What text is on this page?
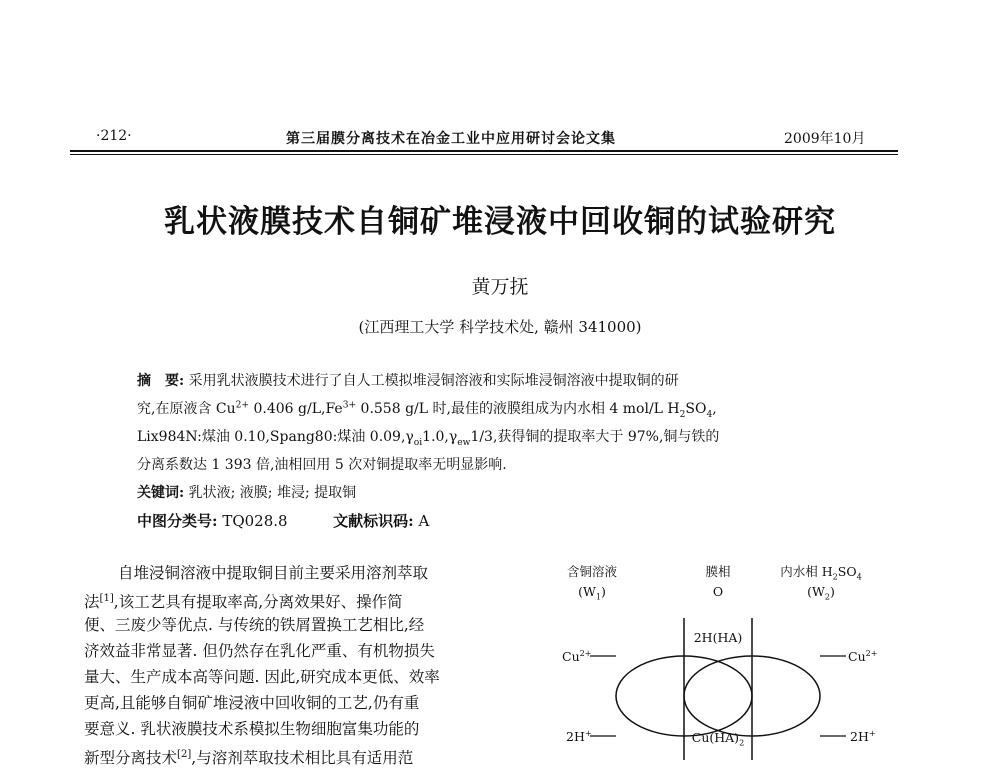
·212·	第三届膜分离技术在冶金工业中应用研讨会论文集	2009年10月
乳状液膜技术自铜矿堆浸液中回收铜的试验研究
黄万抚
(江西理工大学 科学技术处, 赣州 341000)
摘　要: 采用乳状液膜技术进行了自人工模拟堆浸铜溶液和实际堆浸铜溶液中提取铜的研
究,在原液含 $Cu^{2+}$ 0.406 $g/L,Fe^{3+}$ 0.558 g/L 时,最佳的液膜组成为内水相 4 mol/L $H_2SO_4$,
Lix984N:煤油 0.10,Spang80:煤油 $0.09,\gamma_{oi}1.0,\gamma_{ew}1/3$,获得铜的提取率大于 97%,铜与铁的
分离系数达 1 393 倍,油相回用 5 次对铜提取率无明显影响.
关键词: 乳状液; 液膜; 堆浸; 提取铜
中图分类号: TQ028.8	文献标识码: A
自堆浸铜溶液中提取铜目前主要采用溶剂萃取
法[1],该工艺具有提取率高,分离效果好、操作简
便、三废少等优点. 与传统的铁屑置换工艺相比,经
济效益非常显著. 但仍然存在乳化严重、有机物损失
量大、生产成本高等问题. 因此,研究成本更低、效率
更高,且能够自铜矿堆浸液中回收铜的工艺,仍有重
要意义. 乳状液膜技术系模拟生物细胞富集功能的
新型分离技术[2],与溶剂萃取技术相比具有适用范
含铜溶液
$(W_1)$
膜相
O
内水相 $H_2SO_4$
$(W_2)$
2H(HA)
$Cu(HA)_2$
$Cu^{2+}$	$Cu^{2+}$
2H+	2H+
